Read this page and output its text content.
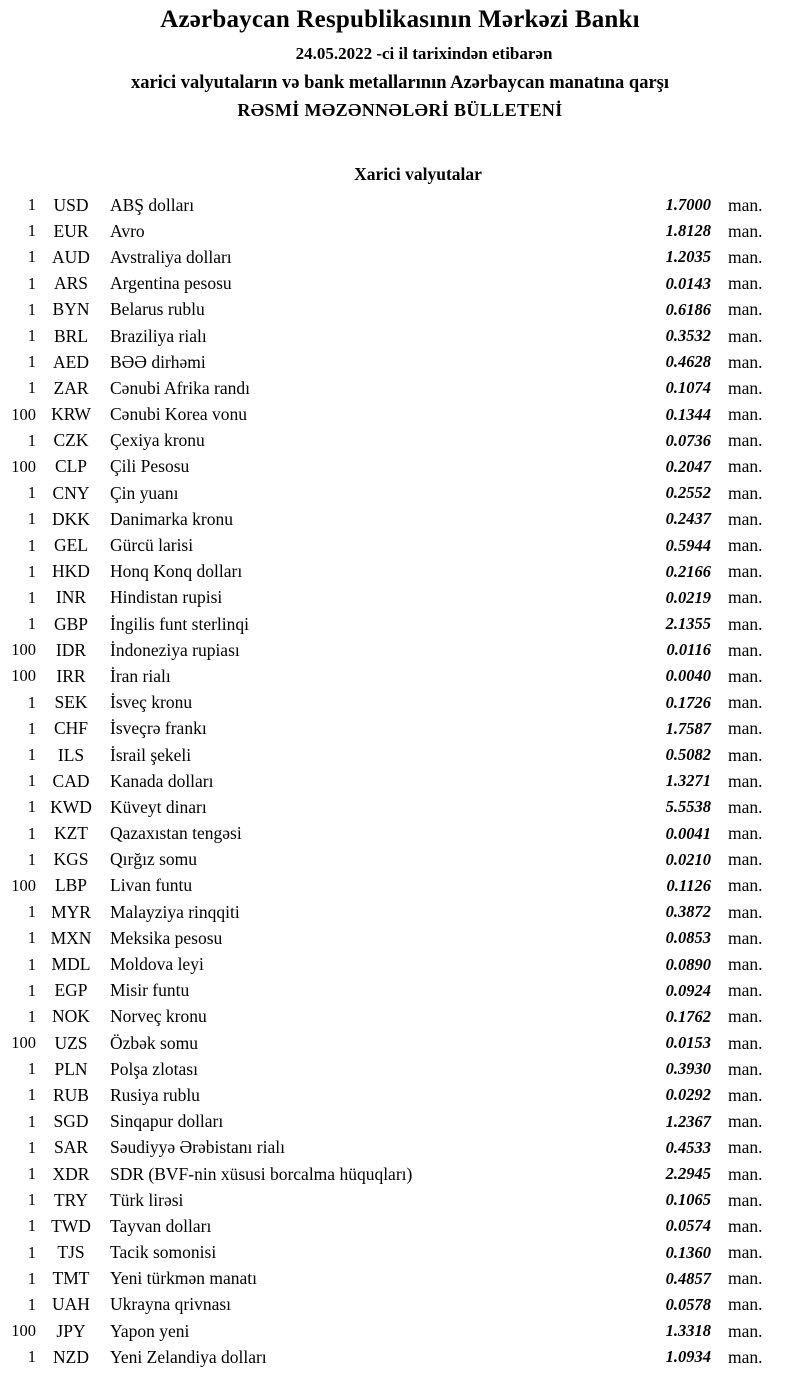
Azərbaycan Respublikasının Mərkəzi Bankı
24.05.2022 -ci il tarixindən etibarən
xarici valyutaların və bank metallarının Azərbaycan manatına qarşı
RƏSMİ MƏZƏNNƏLƏRİ BÜLLETENİ
Xarici valyutalar
1 USD	ABŞ dolları	1.7000 man.
1	EUR	Avro	1.8128 man.
1 AUD	Avstraliya dolları	1.2035 man.
1	ARS	Argentina pesosu	0.0143 man.
1 BYN	Belarus rublu	0.6186 man.
1	BRL	Braziliya rialı	0.3532 man.
1 AED	BƏƏ dirhəmi	0.4628 man.
1	ZAR	Cənubi Afrika randı	0.1074 man.
100 KRW	Cənubi Korea vonu	0.1344 man.
1	CZK	Çexiya kronu	0.0736 man.
100	CLP	Çili Pesosu	0.2047 man.
1 CNY	Çin yuanı	0.2552 man.
1 DKK	Danimarka kronu	0.2437 man.
1	GEL	Gürcü larisi	0.5944 man.
1 HKD	Honq Konq dolları	0.2166 man.
1	INR	Hindistan rupisi	0.0219 man.
1	GBP	İngilis funt sterlinqi	2.1355 man.
100	IDR	İndoneziya rupiası	0.0116 man.
100	IRR	İran rialı	0.0040 man.
1	SEK	İsveç kronu	0.1726 man.
1	CHF	İsveçrə frankı	1.7587 man.
1	ILS	İsrail şekeli	0.5082 man.
1 CAD	Kanada dolları	1.3271 man.
1 KWD	Küveyt dinarı	5.5538 man.
1	KZT	Qazaxıstan tengəsi	0.0041 man.
1 KGS	Qırğız somu	0.0210 man.
100	LBP	Livan funtu	0.1126 man.
1 MYR	Malayziya rinqqiti	0.3872 man.
1 MXN	Meksika pesosu	0.0853 man.
1 MDL	Moldova leyi	0.0890 man.
1	EGP	Misir funtu	0.0924 man.
1 NOK	Norveç kronu	0.1762 man.
100	UZS	Özbək somu	0.0153 man.
1	PLN	Polşa zlotası	0.3930 man.
1 RUB	Rusiya rublu	0.0292 man.
1 SGD	Sinqapur dolları	1.2367 man.
1	SAR	Səudiyyə Ərəbistanı rialı	0.4533 man.
1 XDR	SDR (BVF-nin xüsusi borcalma hüquqları)	2.2945 man.
1	TRY	Türk lirəsi	0.1065 man.
1 TWD	Tayvan dolları	0.0574 man.
1	TJS	Tacik somonisi	0.1360 man.
1 TMT	Yeni türkmən manatı	0.4857 man.
1 UAH	Ukrayna qrivnası	0.0578 man.
100	JPY	Yapon yeni	1.3318 man.
1 NZD	Yeni Zelandiya dolları	1.0934 man.
